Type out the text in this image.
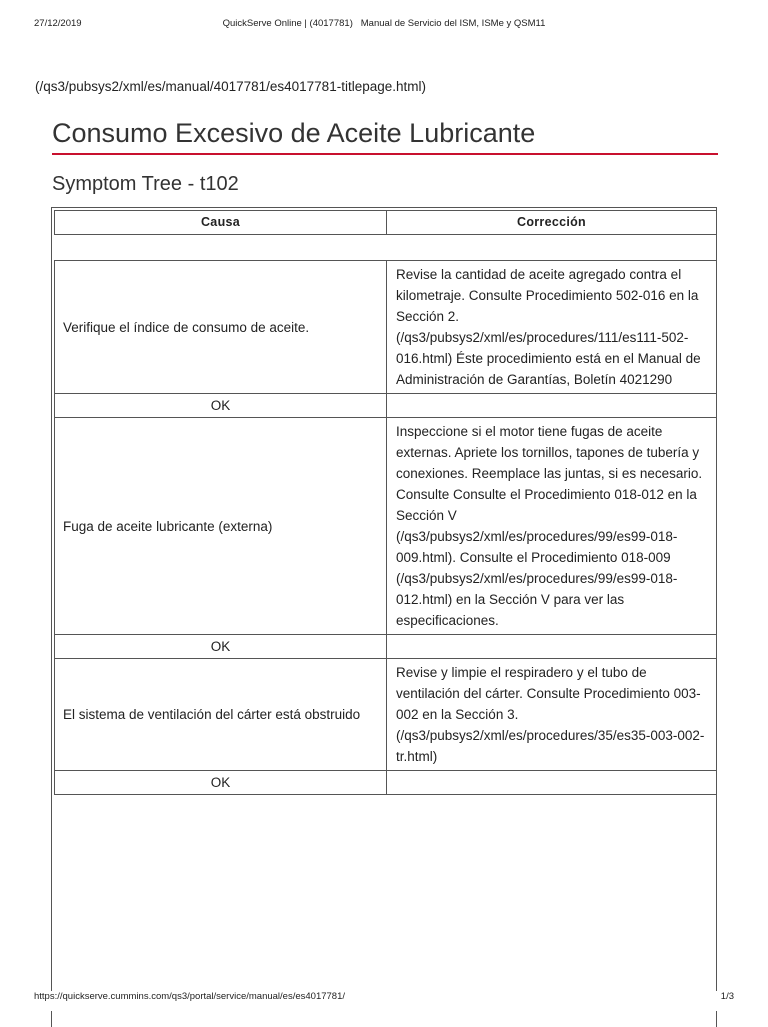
27/12/2019	QuickServe Online | (4017781)   Manual de Servicio del ISM, ISMe y QSM11
(/qs3/pubsys2/xml/es/manual/4017781/es4017781-titlepage.html)
Consumo Excesivo de Aceite Lubricante
Symptom Tree - t102
Causa	Corrección

Verifique el índice de consumo de aceite.	Revise la cantidad de aceite agregado contra el kilometraje. Consulte Procedimiento 502-016 en la Sección 2. (/qs3/pubsys2/xml/es/procedures/111/es111-502-016.html) Éste procedimiento está en el Manual de Administración de Garantías, Boletín 4021290
OK	
Fuga de aceite lubricante (externa)	Inspeccione si el motor tiene fugas de aceite externas. Apriete los tornillos, tapones de tubería y conexiones. Reemplace las juntas, si es necesario. Consulte Consulte el Procedimiento 018-012 en la Sección V (/qs3/pubsys2/xml/es/procedures/99/es99-018-009.html). Consulte el Procedimiento 018-009 (/qs3/pubsys2/xml/es/procedures/99/es99-018-012.html) en la Sección V para ver las especificaciones.
OK	
El sistema de ventilación del cárter está obstruido	Revise y limpie el respiradero y el tubo de ventilación del cárter. Consulte Procedimiento 003-002 en la Sección 3. (/qs3/pubsys2/xml/es/procedures/35/es35-003-002-tr.html)
OK	
https://quickserve.cummins.com/qs3/portal/service/manual/es/es4017781/	1/3
